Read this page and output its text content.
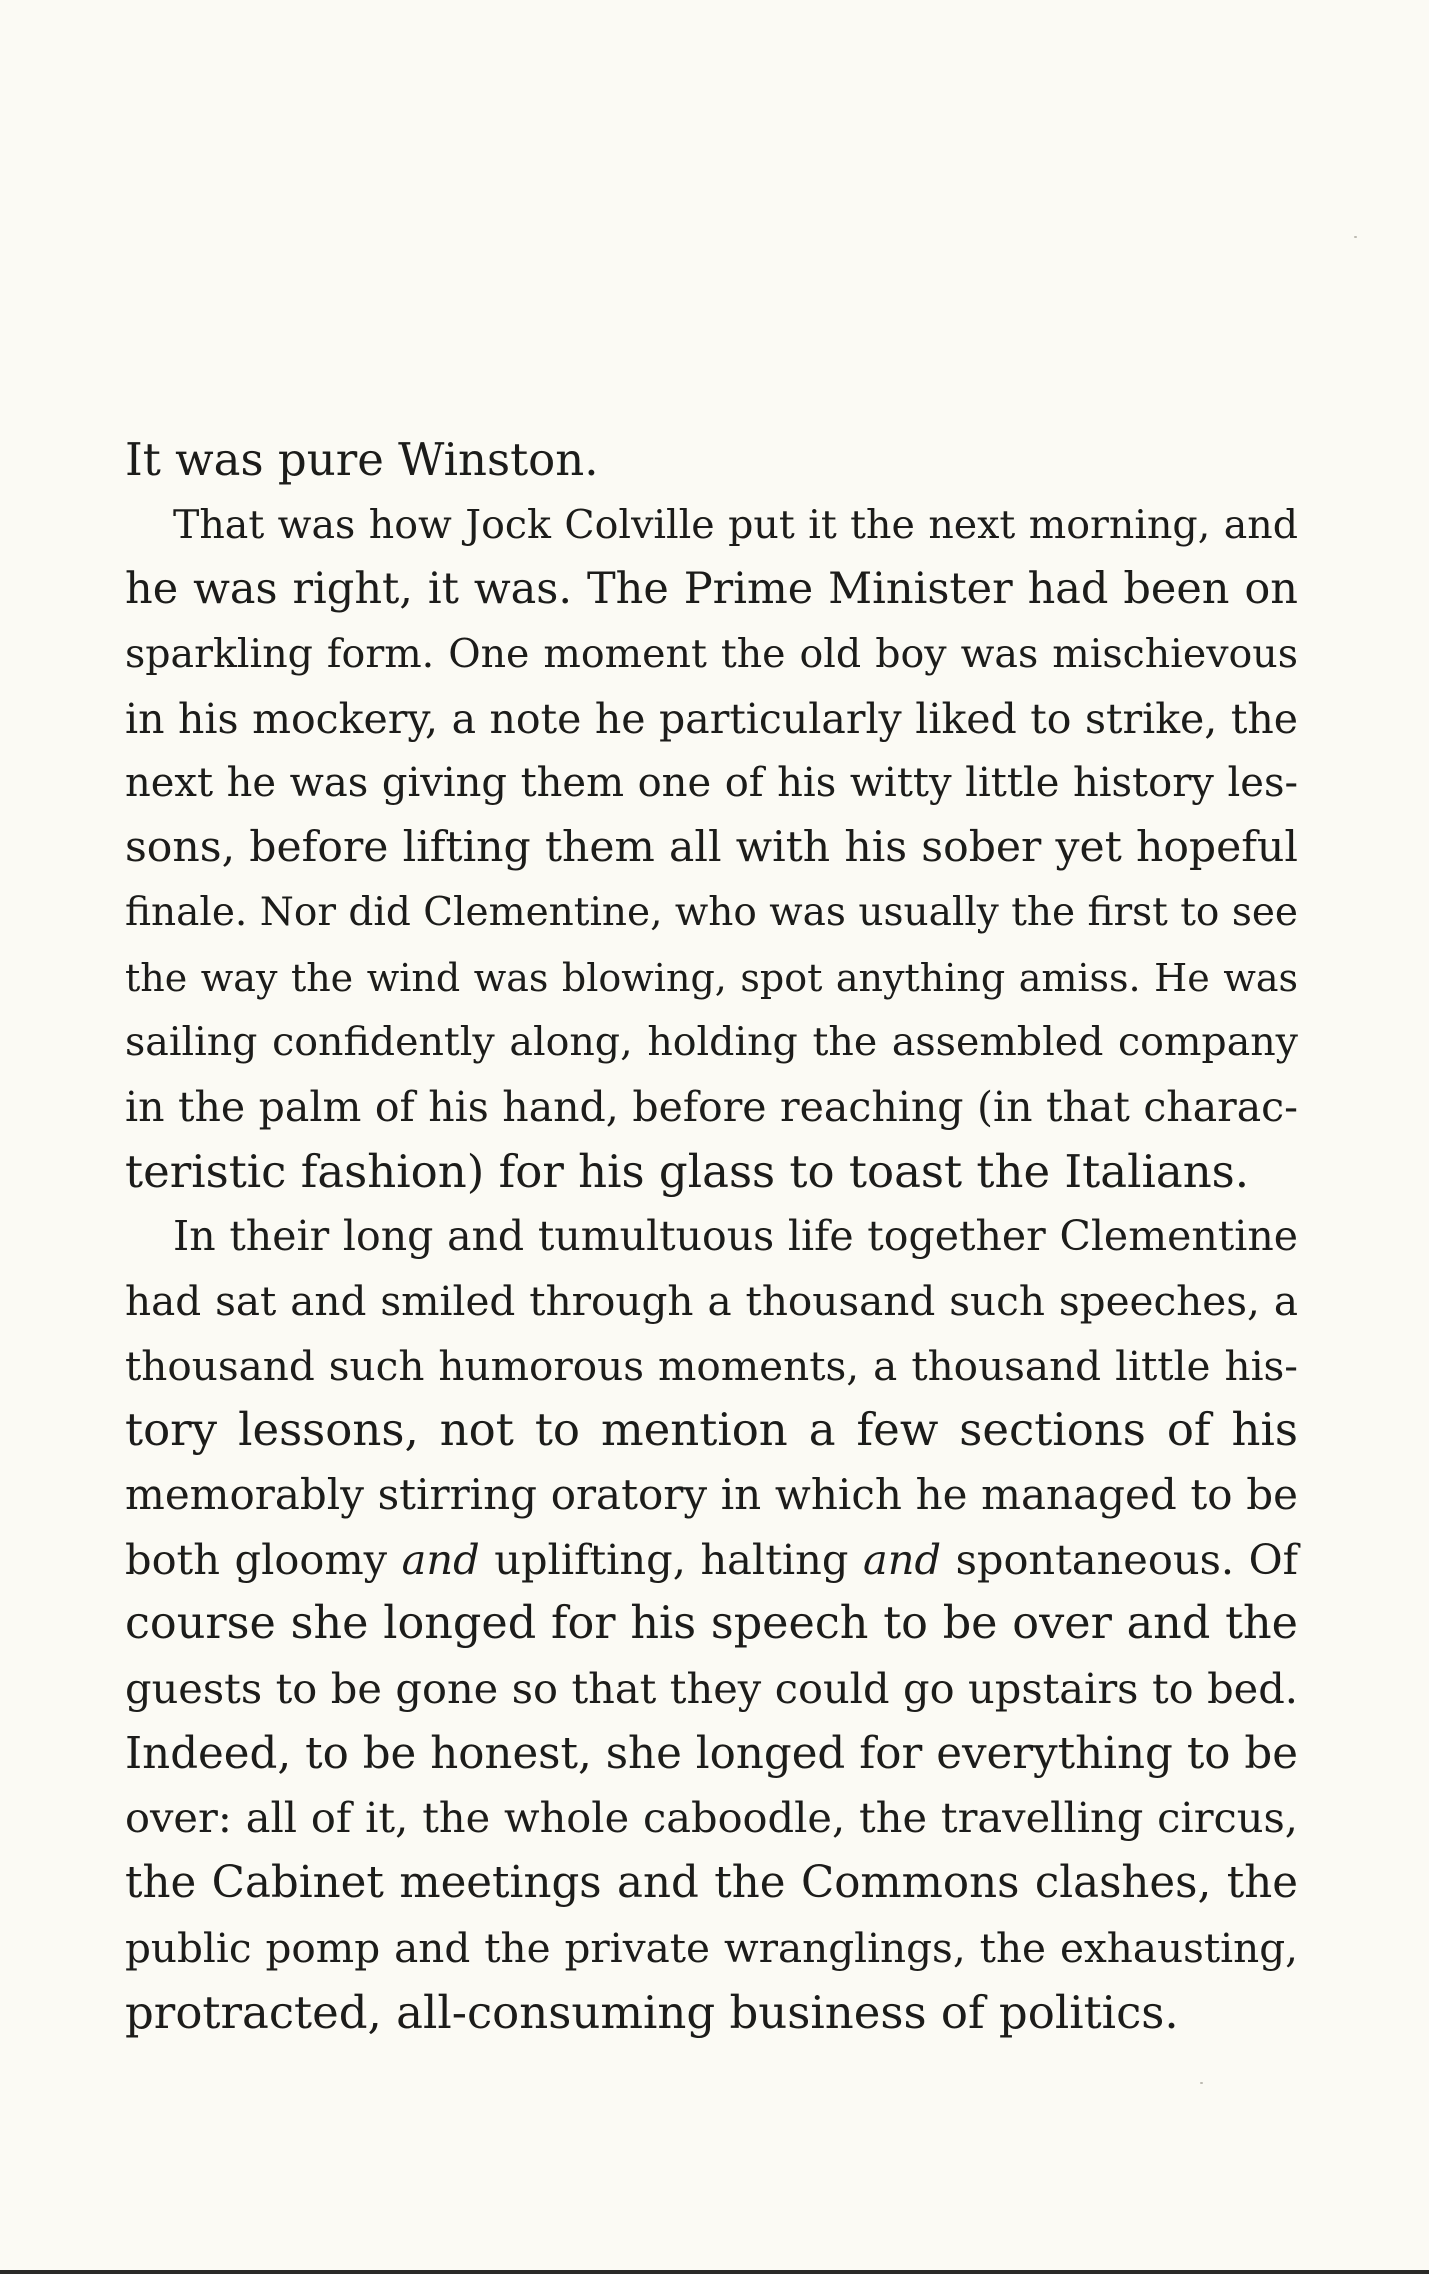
It was pure Winston.
That was how Jock Colville put it the next morning, and
he was right, it was. The Prime Minister had been on
sparkling form. One moment the old boy was mischievous
in his mockery, a note he particularly liked to strike, the
next he was giving them one of his witty little history les-
sons, before lifting them all with his sober yet hopeful
finale. Nor did Clementine, who was usually the first to see
the way the wind was blowing, spot anything amiss. He was
sailing confidently along, holding the assembled company
in the palm of his hand, before reaching (in that charac-
teristic fashion) for his glass to toast the Italians.
In their long and tumultuous life together Clementine
had sat and smiled through a thousand such speeches, a
thousand such humorous moments, a thousand little his-
tory lessons, not to mention a few sections of his
memorably stirring oratory in which he managed to be
both gloomy and uplifting, halting and spontaneous. Of
course she longed for his speech to be over and the
guests to be gone so that they could go upstairs to bed.
Indeed, to be honest, she longed for everything to be
over: all of it, the whole caboodle, the travelling circus,
the Cabinet meetings and the Commons clashes, the
public pomp and the private wranglings, the exhausting,
protracted, all-consuming business of politics.
